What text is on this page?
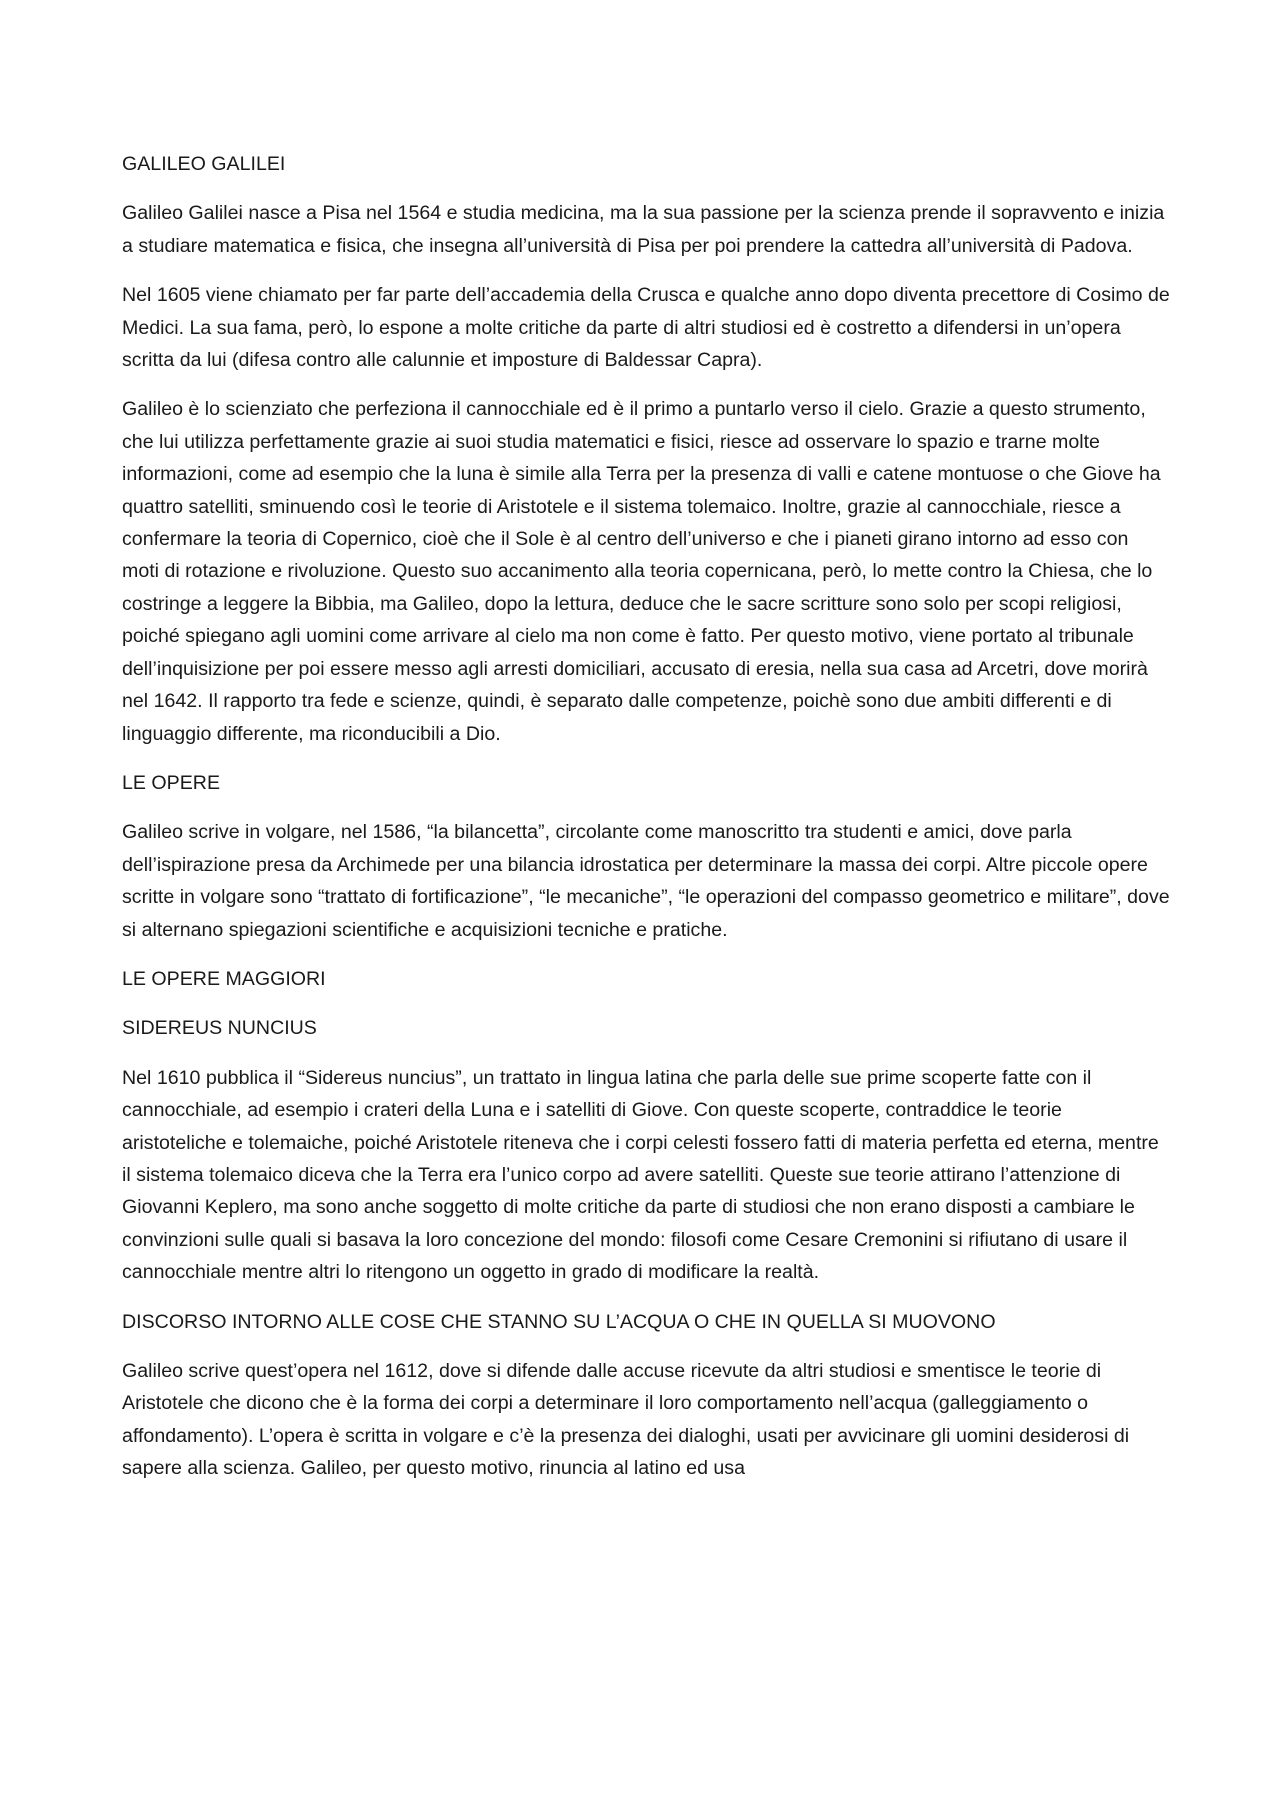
GALILEO GALILEI

Galileo Galilei nasce a Pisa nel 1564 e studia medicina, ma la sua passione per la scienza prende il sopravvento e inizia a studiare matematica e fisica, che insegna all’università di Pisa per poi prendere la cattedra all’università di Padova.

Nel 1605 viene chiamato per far parte dell’accademia della Crusca e qualche anno dopo diventa precettore di Cosimo de Medici. La sua fama, però, lo espone a molte critiche da parte di altri studiosi ed è costretto a difendersi in un’opera scritta da lui (difesa contro alle calunnie et imposture di Baldessar Capra).

Galileo è lo scienziato che perfeziona il cannocchiale ed è il primo a puntarlo verso il cielo. Grazie a questo strumento, che lui utilizza perfettamente grazie ai suoi studia matematici e fisici, riesce ad osservare lo spazio e trarne molte informazioni, come ad esempio che la luna è simile alla Terra per la presenza di valli e catene montuose o che Giove ha quattro satelliti, sminuendo così le teorie di Aristotele e il sistema tolemaico. Inoltre, grazie al cannocchiale, riesce a confermare la teoria di Copernico, cioè che il Sole è al centro dell’universo e che i pianeti girano intorno ad esso con moti di rotazione e rivoluzione. Questo suo accanimento alla teoria copernicana, però, lo mette contro la Chiesa, che lo costringe a leggere la Bibbia, ma Galileo, dopo la lettura, deduce che le sacre scritture sono solo per scopi religiosi, poiché spiegano agli uomini come arrivare al cielo ma non come è fatto. Per questo motivo, viene portato al tribunale dell’inquisizione per poi essere messo agli arresti domiciliari, accusato di eresia, nella sua casa ad Arcetri, dove morirà nel 1642. Il rapporto tra fede e scienze, quindi, è separato dalle competenze, poichè sono due ambiti differenti e di linguaggio differente, ma riconducibili a Dio.

LE OPERE

Galileo scrive in volgare, nel 1586, “la bilancetta”, circolante come manoscritto tra studenti e amici, dove parla dell’ispirazione presa da Archimede per una bilancia idrostatica per determinare la massa dei corpi. Altre piccole opere scritte in volgare sono “trattato di fortificazione”, “le mecaniche”, “le operazioni del compasso geometrico e militare”, dove si alternano spiegazioni scientifiche e acquisizioni tecniche e pratiche.

LE OPERE MAGGIORI

SIDEREUS NUNCIUS

Nel 1610 pubblica il “Sidereus nuncius”, un trattato in lingua latina che parla delle sue prime scoperte fatte con il cannocchiale, ad esempio i crateri della Luna e i satelliti di Giove. Con queste scoperte, contraddice le teorie aristoteliche e tolemaiche, poiché Aristotele riteneva che i corpi celesti fossero fatti di materia perfetta ed eterna, mentre il sistema tolemaico diceva che la Terra era l’unico corpo ad avere satelliti. Queste sue teorie attirano l’attenzione di Giovanni Keplero, ma sono anche soggetto di molte critiche da parte di studiosi che non erano disposti a cambiare le convinzioni sulle quali si basava la loro concezione del mondo: filosofi come Cesare Cremonini si rifiutano di usare il cannocchiale mentre altri lo ritengono un oggetto in grado di modificare la realtà.

DISCORSO INTORNO ALLE COSE CHE STANNO SU L’ACQUA O CHE IN QUELLA SI MUOVONO

Galileo scrive quest’opera nel 1612, dove si difende dalle accuse ricevute da altri studiosi e smentisce le teorie di Aristotele che dicono che è la forma dei corpi a determinare il loro comportamento nell’acqua (galleggiamento o affondamento). L’opera è scritta in volgare e c’è la presenza dei dialoghi, usati per avvicinare gli uomini desiderosi di sapere alla scienza. Galileo, per questo motivo, rinuncia al latino ed usa
